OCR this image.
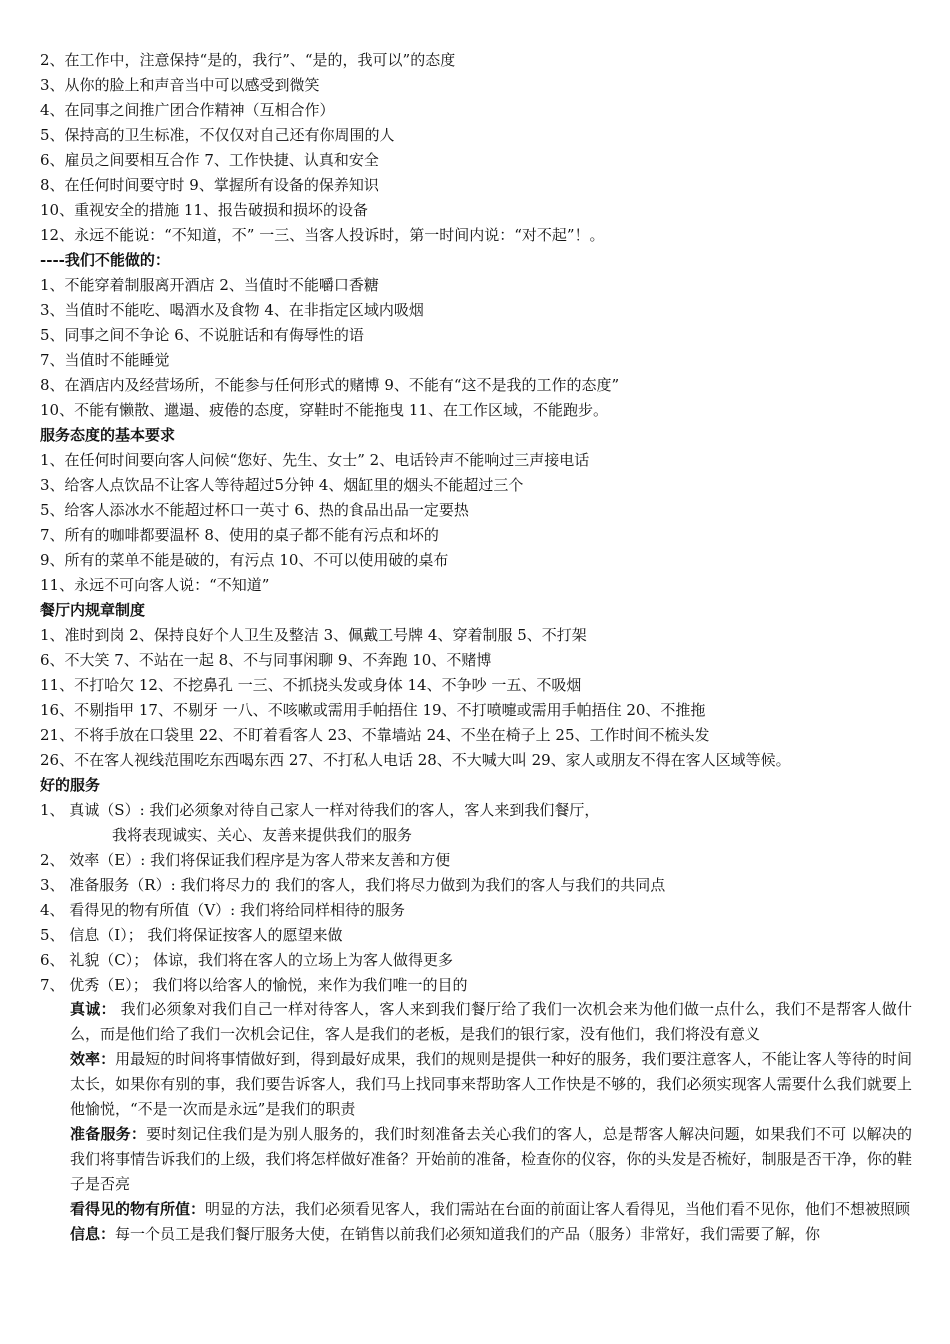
2、在工作中，注意保持“是的，我行”、“是的，我可以”的态度
3、从你的脸上和声音当中可以感受到微笑
4、在同事之间推广团合作精神（互相合作）
5、保持高的卫生标准，不仅仅对自己还有你周围的人
6、雇员之间要相互合作 7、工作快捷、认真和安全
8、在任何时间要守时 9、掌握所有设备的保养知识
10、重视安全的措施 11、报告破损和损坏的设备
12、永远不能说：“不知道，不” 一三、当客人投诉时，第一时间内说：“对不起”！。
----我们不能做的：
1、不能穿着制服离开酒店 2、当值时不能嚼口香糖
3、当值时不能吃、喝酒水及食物 4、在非指定区域内吸烟
5、同事之间不争论 6、不说脏话和有侮辱性的语
7、当值时不能睡觉
8、在酒店内及经营场所，不能参与任何形式的赌博 9、不能有“这不是我的工作的态度”
10、不能有懒散、邋遢、疲倦的态度，穿鞋时不能拖曳 11、在工作区域，不能跑步。
服务态度的基本要求
1、在任何时间要向客人问候“您好、先生、女士” 2、电话铃声不能响过三声接电话
3、给客人点饮品不让客人等待超过5分钟 4、烟缸里的烟头不能超过三个
5、给客人添冰水不能超过杯口一英寸 6、热的食品出品一定要热
7、所有的咖啡都要温杯 8、使用的桌子都不能有污点和坏的
9、所有的菜单不能是破的，有污点 10、不可以使用破的桌布
11、永远不可向客人说：“不知道”
餐厅内规章制度
1、准时到岗 2、保持良好个人卫生及整洁 3、佩戴工号牌 4、穿着制服 5、不打架
6、不大笑 7、不站在一起 8、不与同事闲聊 9、不奔跑 10、不赌博
11、不打哈欠 12、不挖鼻孔 一三、不抓挠头发或身体 14、不争吵 一五、不吸烟
16、不剔指甲 17、不剔牙 一八、不咳嗽或需用手帕捂住 19、不打喷嚏或需用手帕捂住 20、不推拖
21、不将手放在口袋里 22、不盯着看客人 23、不靠墙站 24、不坐在椅子上 25、工作时间不梳头发
26、不在客人视线范围吃东西喝东西 27、不打私人电话 28、不大喊大叫 29、家人或朋友不得在客人区域等候。
好的服务
1、 真诚（S）: 我们必须象对待自己家人一样对待我们的客人，客人来到我们餐厅，
我将表现诚实、关心、友善来提供我们的服务
2、 效率（E）: 我们将保证我们程序是为客人带来友善和方便
3、 准备服务（R）: 我们将尽力的 我们的客人，我们将尽力做到为我们的客人与我们的共同点
4、 看得见的物有所值（V）: 我们将给同样相待的服务
5、 信息（I）； 我们将保证按客人的愿望来做
6、 礼貌（C）； 体谅，我们将在客人的立场上为客人做得更多
7、 优秀（E）； 我们将以给客人的愉悦，来作为我们唯一的目的
真诚： 我们必须象对我们自己一样对待客人，客人来到我们餐厅给了我们一次机会来为他们做一点什么，我们不是帮客人做什么，而是他们给了我们一次机会记住，客人是我们的老板，是我们的银行家，没有他们，我们将没有意义
效率：用最短的时间将事情做好到，得到最好成果，我们的规则是提供一种好的服务，我们要注意客人，不能让客人等待的时间太长，如果你有别的事，我们要告诉客人，我们马上找同事来帮助客人工作快是不够的，我们必须实现客人需要什么我们就要上他愉悦，“不是一次而是永远”是我们的职责
准备服务：要时刻记住我们是为别人服务的，我们时刻准备去关心我们的客人，总是帮客人解决问题，如果我们不可 以解决的我们将事情告诉我们的上级，我们将怎样做好准备？开始前的准备，检查你的仪容，你的头发是否梳好，制服是否干净，你的鞋子是否亮
看得见的物有所值：明显的方法，我们必须看见客人，我们需站在台面的前面让客人看得见，当他们看不见你，他们不想被照顾
信息：每一个员工是我们餐厅服务大使，在销售以前我们必须知道我们的产品（服务）非常好，我们需要了解，你
